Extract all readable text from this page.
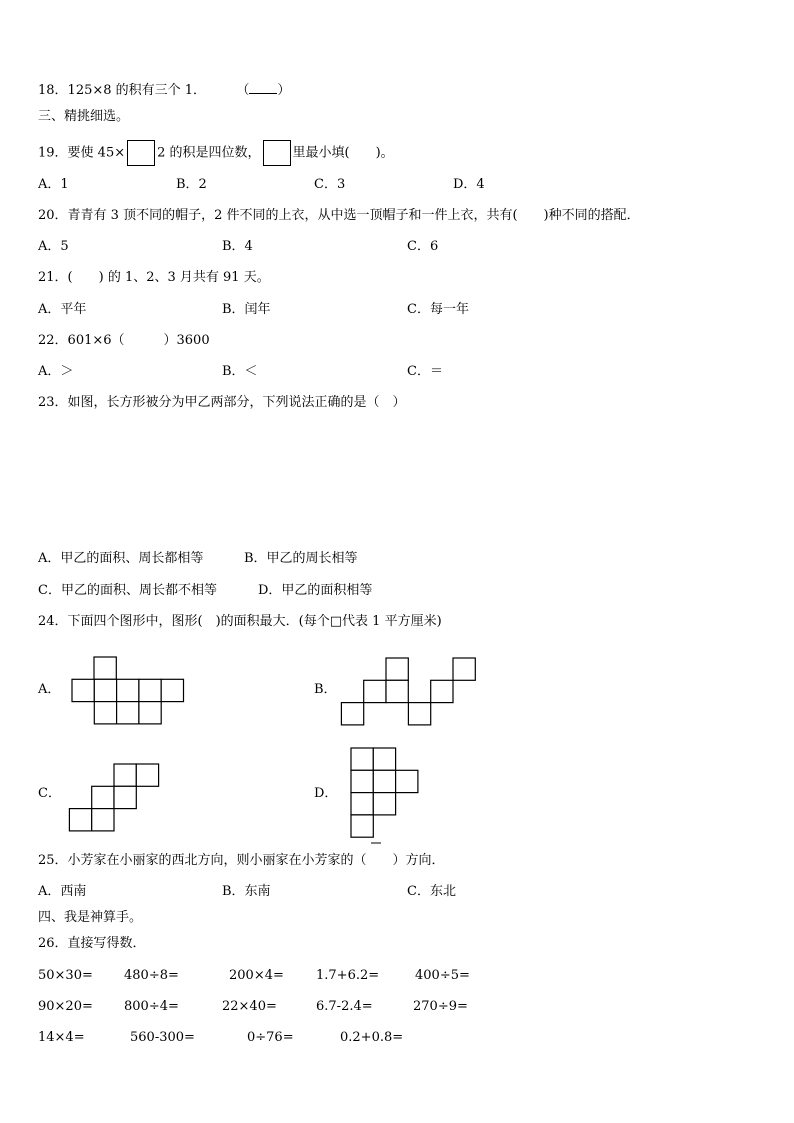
18．125×8 的积有三个 1． （ ）
三、精挑细选。
19．要使 45× 2 的积是四位数， 里最小填(　　)。
A．1	B．2	C．3	D．4
20．青青有 3 顶不同的帽子，2 件不同的上衣，从中选一顶帽子和一件上衣，共有(　　)种不同的搭配．
A．5	B．4	C．6
21．(　　) 的 1、2、3 月共有 91 天。
A．平年	B．闰年	C．每一年
22．601×6（　　　）3600
A．＞	B．＜	C．＝
23．如图，长方形被分为甲乙两部分，下列说法正确的是（　）
A．甲乙的面积、周长都相等	B．甲乙的周长相等
C．甲乙的面积、周长都不相等	D．甲乙的面积相等
24．下面四个图形中，图形(　)的面积最大．(每个□代表 1 平方厘米)
A．	B．
C．	D．
25．小芳家在小丽家的西北方向，则小丽家在小芳家的（　　）方向．
A．西南	B．东南	C．东北
四、我是神算手。
26．直接写得数．
50×30= 480÷8=	200×4= 1.7+6.2=	400÷5=
90×20= 800÷4=	22×40=	6.7-2.4=	270÷9=
14×4=	560-300=	0÷76=	0.2+0.8=
